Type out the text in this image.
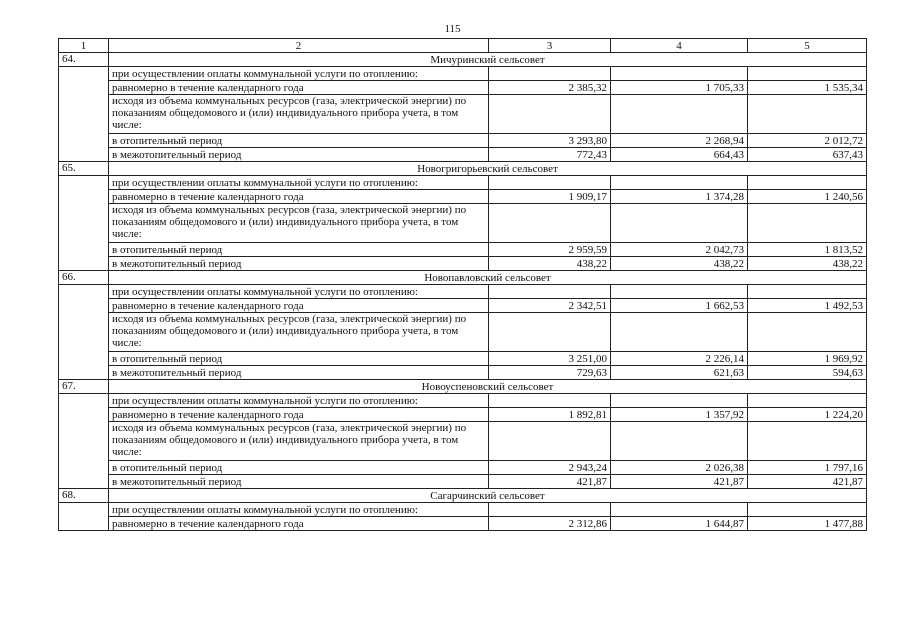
115
1	2	3	4	5
64.	Мичуринский сельсовет			
	при осуществлении оплаты коммунальной услуги по отоплению:			
	равномерно в течение календарного года	2 385,32	1 705,33	1 535,34
	исходя из объема коммунальных ресурсов (газа, электрической энергии) по показаниям общедомового и (или) индивидуального прибора учета, в том числе:			
	в отопительный период	3 293,80	2 268,94	2 012,72
	в межотопительный период	772,43	664,43	637,43
65.	Новогригорьевский сельсовет			
	при осуществлении оплаты коммунальной услуги по отоплению:			
	равномерно в течение календарного года	1 909,17	1 374,28	1 240,56
	исходя из объема коммунальных ресурсов (газа, электрической энергии) по показаниям общедомового и (или) индивидуального прибора учета, в том числе:			
	в отопительный период	2 959,59	2 042,73	1 813,52
	в межотопительный период	438,22	438,22	438,22
66.	Новопавловский сельсовет			
	при осуществлении оплаты коммунальной услуги по отоплению:			
	равномерно в течение календарного года	2 342,51	1 662,53	1 492,53
	исходя из объема коммунальных ресурсов (газа, электрической энергии) по показаниям общедомового и (или) индивидуального прибора учета, в том числе:			
	в отопительный период	3 251,00	2 226,14	1 969,92
	в межотопительный период	729,63	621,63	594,63
67.	Новоуспеновский сельсовет			
	при осуществлении оплаты коммунальной услуги по отоплению:			
	равномерно в течение календарного года	1 892,81	1 357,92	1 224,20
	исходя из объема коммунальных ресурсов (газа, электрической энергии) по показаниям общедомового и (или) индивидуального прибора учета, в том числе:			
	в отопительный период	2 943,24	2 026,38	1 797,16
	в межотопительный период	421,87	421,87	421,87
68.	Сагарчинский сельсовет			
	при осуществлении оплаты коммунальной услуги по отоплению:			
	равномерно в течение календарного года	2 312,86	1 644,87	1 477,88
